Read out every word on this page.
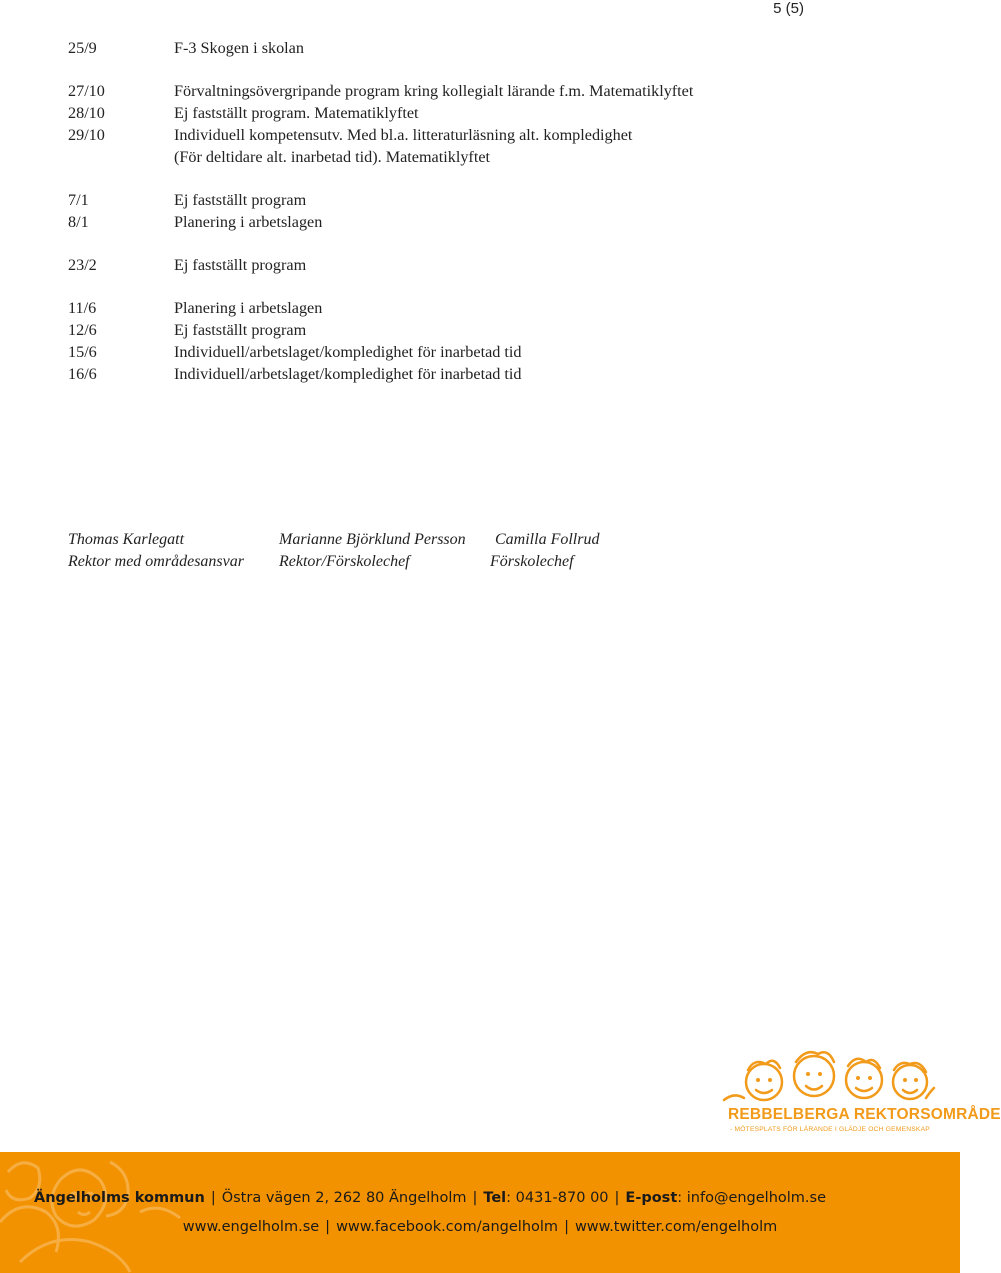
5 (5)
25/9	F-3 Skogen i skolan
27/10	Förvaltningsövergripande program kring kollegialt lärande f.m. Matematiklyftet
28/10	Ej fastställt program. Matematiklyftet
29/10	Individuell kompetensutv. Med bl.a. litteraturläsning alt. kompledighet
(För deltidare alt. inarbetad tid). Matematiklyftet
7/1	Ej fastställt program
8/1	Planering i arbetslagen
23/2	Ej fastställt program
11/6	Planering i arbetslagen
12/6	Ej fastställt program
15/6	Individuell/arbetslaget/kompledighet för inarbetad tid
16/6	Individuell/arbetslaget/kompledighet för inarbetad tid
Thomas Karlegatt
Rektor med områdesansvar
Marianne Björklund Persson
Rektor/Förskolechef
Camilla Follrud
Förskolechef
REBBELBERGA REKTORSOMRÅDE
- MÖTESPLATS FÖR LÄRANDE I GLÄDJE OCH GEMENSKAP
Ängelholms kommun | Östra vägen 2, 262 80 Ängelholm | Tel: 0431-870 00 | E-post: info@engelholm.se
www.engelholm.se | www.facebook.com/angelholm | www.twitter.com/engelholm
